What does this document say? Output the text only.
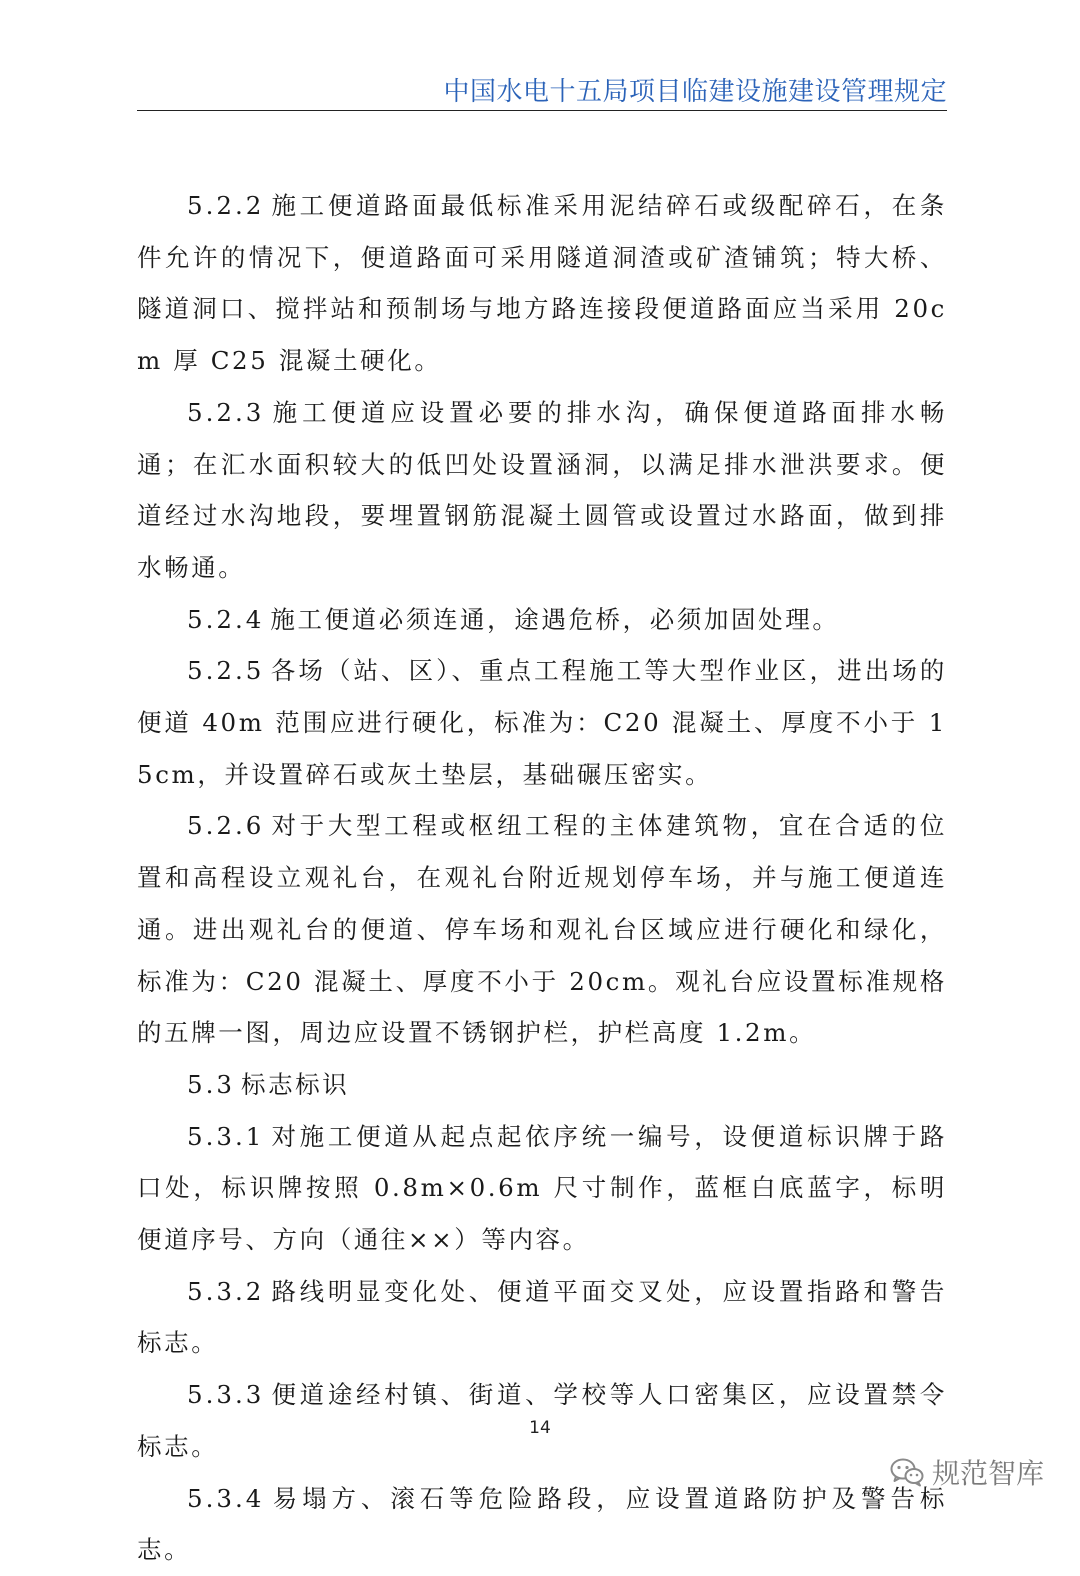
中国水电十五局项目临建设施建设管理规定

5.2.2 施工便道路面最低标准采用泥结碎石或级配碎石，在条件允许的情况下，便道路面可采用隧道洞渣或矿渣铺筑；特大桥、隧道洞口、搅拌站和预制场与地方路连接段便道路面应当采用 20cm 厚 C25 混凝土硬化。

5.2.3 施工便道应设置必要的排水沟，确保便道路面排水畅通；在汇水面积较大的低凹处设置涵洞，以满足排水泄洪要求。便道经过水沟地段，要埋置钢筋混凝土圆管或设置过水路面，做到排水畅通。

5.2.4 施工便道必须连通，途遇危桥，必须加固处理。

5.2.5 各场（站、区）、重点工程施工等大型作业区，进出场的便道 40m 范围应进行硬化，标准为：C20 混凝土、厚度不小于 15cm，并设置碎石或灰土垫层，基础碾压密实。

5.2.6 对于大型工程或枢纽工程的主体建筑物，宜在合适的位置和高程设立观礼台，在观礼台附近规划停车场，并与施工便道连通。进出观礼台的便道、停车场和观礼台区域应进行硬化和绿化，标准为：C20 混凝土、厚度不小于 20cm。观礼台应设置标准规格的五牌一图，周边应设置不锈钢护栏，护栏高度 1.2m。

5.3 标志标识

5.3.1 对施工便道从起点起依序统一编号，设便道标识牌于路口处，标识牌按照 0.8m×0.6m 尺寸制作，蓝框白底蓝字，标明便道序号、方向（通往××）等内容。

5.3.2 路线明显变化处、便道平面交叉处，应设置指路和警告标志。

5.3.3 便道途经村镇、街道、学校等人口密集区，应设置禁令标志。

5.3.4 易塌方、滚石等危险路段，应设置道路防护及警告标志。

14
规范智库
